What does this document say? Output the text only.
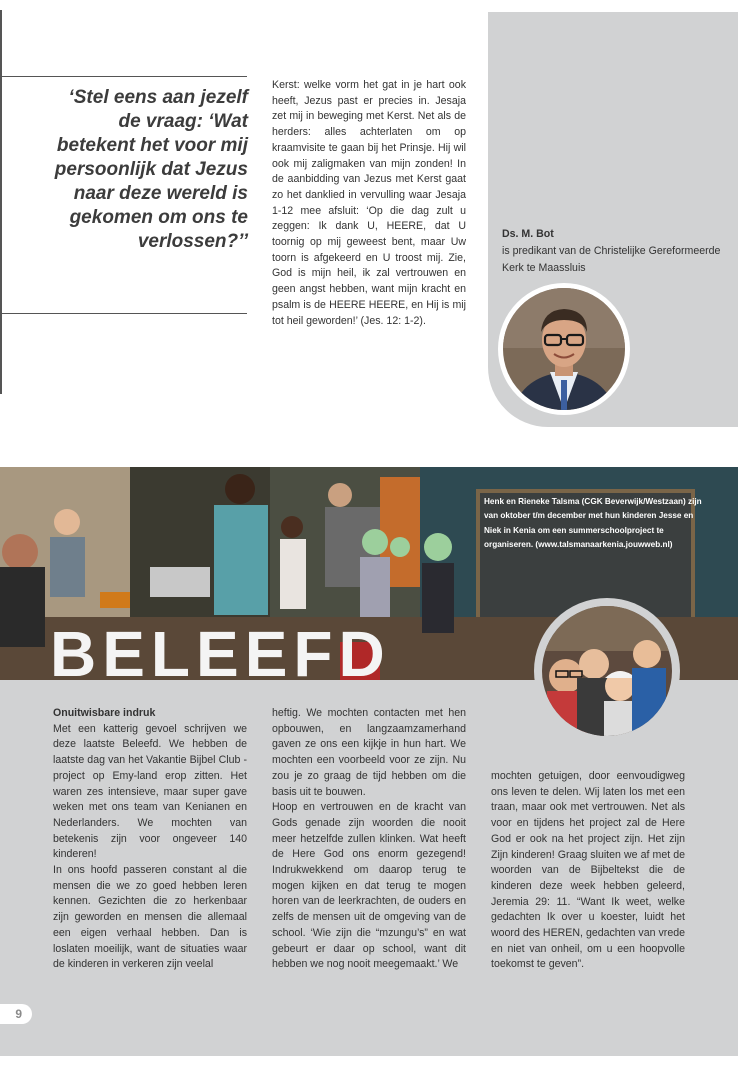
‘Stel eens aan jezelf
de vraag: ‘Wat
betekent het voor mij
persoonlijk dat Jezus
naar deze wereld is
gekomen om ons te
verlossen?’’

Kerst: welke vorm het gat in je hart ook heeft, Jezus past er precies in. Jesaja zet mij in beweging met Kerst. Net als de herders: alles achterlaten om op kraamvisite te gaan bij het Prinsje. Hij wil ook mij zaligmaken van mijn zonden! In de aanbidding van Jezus met Kerst gaat zo het danklied in vervulling waar Jesaja 1-12 mee afsluit: ‘Op die dag zult u zeggen: Ik dank U, HEERE, dat U toornig op mij geweest bent, maar Uw toorn is afgekeerd en U troost mij. Zie, God is mijn heil, ik zal vertrouwen en geen angst hebben, want mijn kracht en psalm is de HEERE HEERE, en Hij is mij tot heil geworden!’ (Jes. 12: 1-2).

Ds. M. Bot
is predikant van de Christelijke Gereformeerde Kerk te Maassluis
Henk en Rieneke Talsma (CGK Beverwijk/Westzaan) zijn van oktober t/m december met hun kinderen Jesse en Niek in Kenia om een summerschoolproject te organiseren. (www.talsmanaarkenia.jouwweb.nl)
BELEEFD

Onuitwisbare indruk

Met een katterig gevoel schrijven we deze laatste Beleefd. We hebben de laatste dag van het Vakantie Bijbel Club -project op Emy-land erop zitten. Het waren zes intensieve, maar super gave weken met ons team van Kenianen en Nederlanders. We mochten van betekenis zijn voor ongeveer 140 kinderen!

In ons hoofd passeren constant al die mensen die we zo goed hebben leren kennen. Gezichten die zo herkenbaar zijn geworden en mensen die allemaal een eigen verhaal hebben. Dan is loslaten moeilijk, want de situaties waar de kinderen in verkeren zijn veelal

heftig. We mochten contacten met hen opbouwen, en langzaamzamerhand gaven ze ons een kijkje in hun hart. We mochten een voorbeeld voor ze zijn. Nu zou je zo graag de tijd hebben om die basis uit te bouwen.

Hoop en vertrouwen en de kracht van Gods genade zijn woorden die nooit meer hetzelfde zullen klinken. Wat heeft de Here God ons enorm gezegend! Indrukwekkend om daarop terug te mogen kijken en dat terug te mogen horen van de leerkrachten, de ouders en zelfs de mensen uit de omgeving van de school. ‘Wie zijn die “mzungu’s” en wat gebeurt er daar op school, want dit hebben we nog nooit meegemaakt.’ We

mochten getuigen, door eenvoudigweg ons leven te delen. Wij laten los met een traan, maar ook met vertrouwen. Net als voor en tijdens het project zal de Here God er ook na het project zijn. Het zijn Zijn kinderen! Graag sluiten we af met de woorden van de Bijbeltekst die de kinderen deze week hebben geleerd, Jeremia 29: 11. “Want Ik weet, welke gedachten Ik over u koester, luidt het woord des HEREN, gedachten van vrede en niet van onheil, om u een hoopvolle toekomst te geven”.

9
